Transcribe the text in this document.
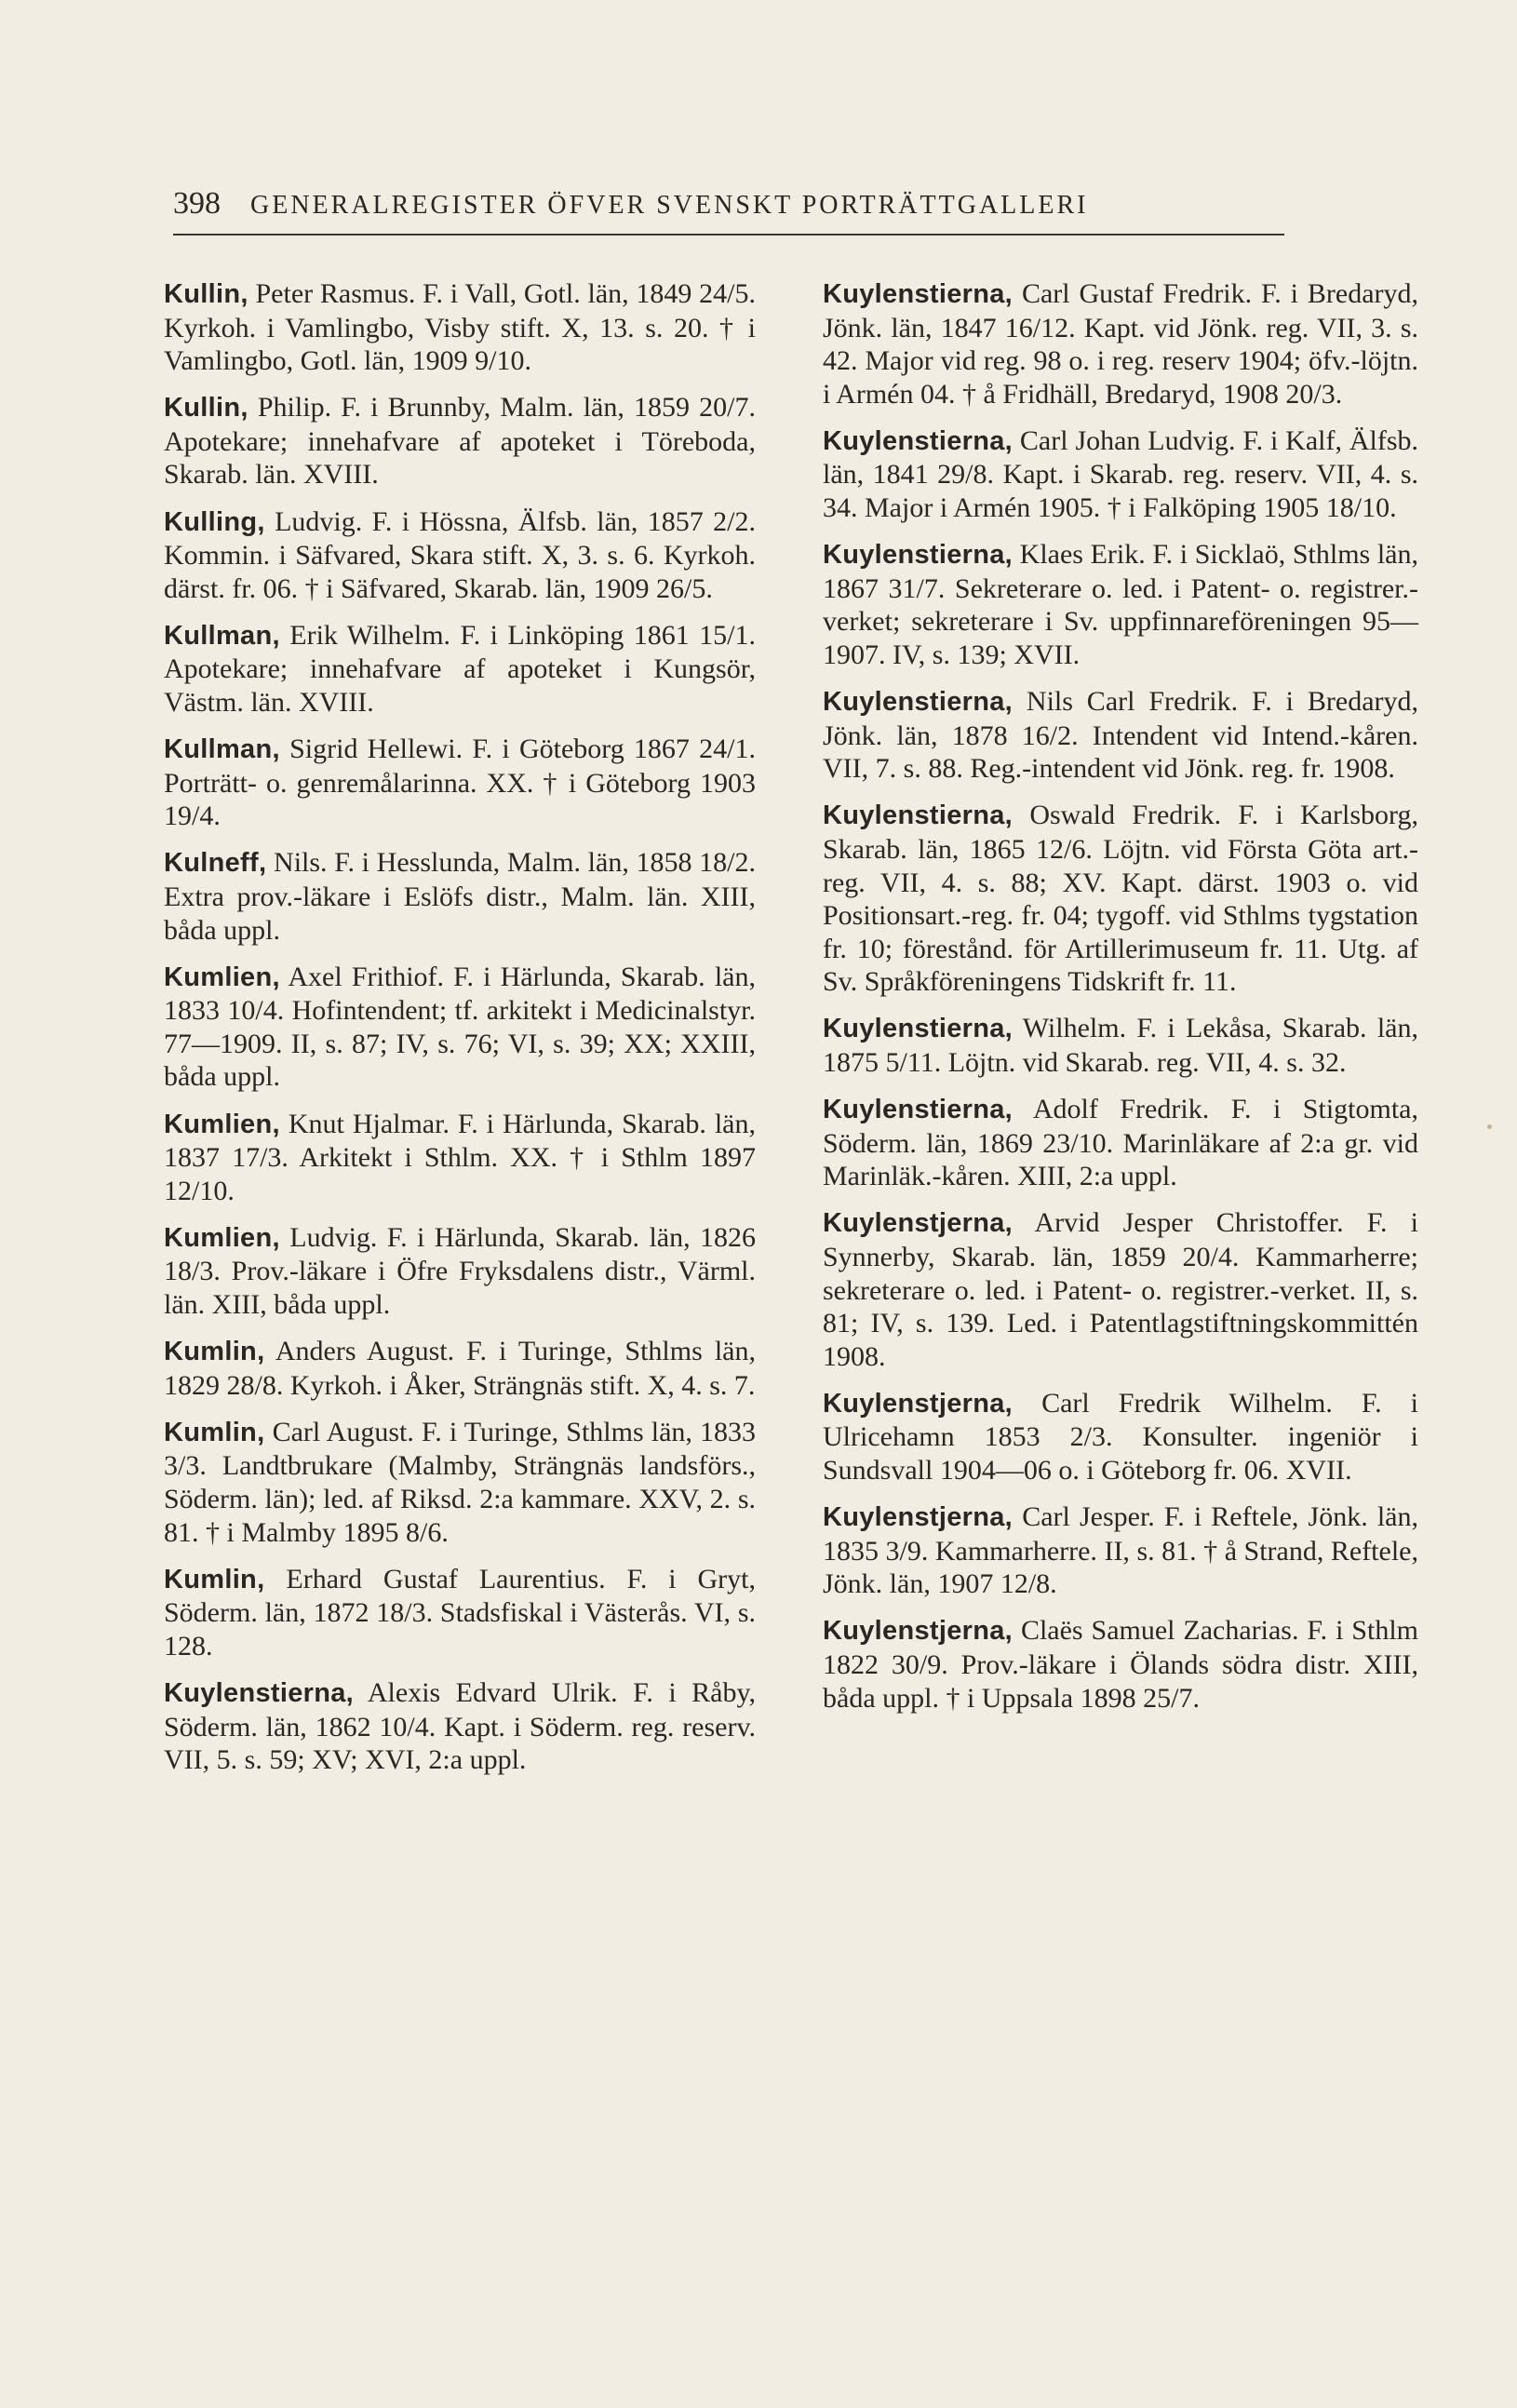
398 GENERALREGISTER ÖFVER SVENSKT PORTRÄTTGALLERI

Kullin, Peter Rasmus. F. i Vall, Gotl. län, 1849 24/5. Kyrkoh. i Vamlingbo, Visby stift. X, 13. s. 20. † i Vamlingbo, Gotl. län, 1909 9/10.

Kullin, Philip. F. i Brunnby, Malm. län, 1859 20/7. Apotekare; innehafvare af apoteket i Töreboda, Skarab. län. XVIII.

Kulling, Ludvig. F. i Hössna, Älfsb. län, 1857 2/2. Kommin. i Säfvared, Skara stift. X, 3. s. 6. Kyrkoh. därst. fr. 06. † i Säfvared, Skarab. län, 1909 26/5.

Kullman, Erik Wilhelm. F. i Linköping 1861 15/1. Apotekare; innehafvare af apoteket i Kungsör, Västm. län. XVIII.

Kullman, Sigrid Hellewi. F. i Göteborg 1867 24/1. Porträtt- o. genremålarinna. XX. † i Göteborg 1903 19/4.

Kulneff, Nils. F. i Hesslunda, Malm. län, 1858 18/2. Extra prov.-läkare i Eslöfs distr., Malm. län. XIII, båda uppl.

Kumlien, Axel Frithiof. F. i Härlunda, Skarab. län, 1833 10/4. Hofintendent; tf. arkitekt i Medicinalstyr. 77—1909. II, s. 87; IV, s. 76; VI, s. 39; XX; XXIII, båda uppl.

Kumlien, Knut Hjalmar. F. i Härlunda, Skarab. län, 1837 17/3. Arkitekt i Sthlm. XX. † i Sthlm 1897 12/10.

Kumlien, Ludvig. F. i Härlunda, Skarab. län, 1826 18/3. Prov.-läkare i Öfre Fryksdalens distr., Värml. län. XIII, båda uppl.

Kumlin, Anders August. F. i Turinge, Sthlms län, 1829 28/8. Kyrkoh. i Åker, Strängnäs stift. X, 4. s. 7.

Kumlin, Carl August. F. i Turinge, Sthlms län, 1833 3/3. Landtbrukare (Malmby, Strängnäs landsförs., Söderm. län); led. af Riksd. 2:a kammare. XXV, 2. s. 81. † i Malmby 1895 8/6.

Kumlin, Erhard Gustaf Laurentius. F. i Gryt, Söderm. län, 1872 18/3. Stadsfiskal i Västerås. VI, s. 128.

Kuylenstierna, Alexis Edvard Ulrik. F. i Råby, Söderm. län, 1862 10/4. Kapt. i Söderm. reg. reserv. VII, 5. s. 59; XV; XVI, 2:a uppl.

Kuylenstierna, Carl Gustaf Fredrik. F. i Bredaryd, Jönk. län, 1847 16/12. Kapt. vid Jönk. reg. VII, 3. s. 42. Major vid reg. 98 o. i reg. reserv 1904; öfv.-löjtn. i Armén 04. † å Fridhäll, Bredaryd, 1908 20/3.

Kuylenstierna, Carl Johan Ludvig. F. i Kalf, Älfsb. län, 1841 29/8. Kapt. i Skarab. reg. reserv. VII, 4. s. 34. Major i Armén 1905. † i Falköping 1905 18/10.

Kuylenstierna, Klaes Erik. F. i Sicklaö, Sthlms län, 1867 31/7. Sekreterare o. led. i Patent- o. registrer.-verket; sekreterare i Sv. uppfinnareföreningen 95—1907. IV, s. 139; XVII.

Kuylenstierna, Nils Carl Fredrik. F. i Bredaryd, Jönk. län, 1878 16/2. Intendent vid Intend.-kåren. VII, 7. s. 88. Reg.-intendent vid Jönk. reg. fr. 1908.

Kuylenstierna, Oswald Fredrik. F. i Karlsborg, Skarab. län, 1865 12/6. Löjtn. vid Första Göta art.-reg. VII, 4. s. 88; XV. Kapt. därst. 1903 o. vid Positionsart.-reg. fr. 04; tygoff. vid Sthlms tygstation fr. 10; förestånd. för Artillerimuseum fr. 11. Utg. af Sv. Språkföreningens Tidskrift fr. 11.

Kuylenstierna, Wilhelm. F. i Lekåsa, Skarab. län, 1875 5/11. Löjtn. vid Skarab. reg. VII, 4. s. 32.

Kuylenstierna, Adolf Fredrik. F. i Stigtomta, Söderm. län, 1869 23/10. Marinläkare af 2:a gr. vid Marinläk.-kåren. XIII, 2:a uppl.

Kuylenstjerna, Arvid Jesper Christoffer. F. i Synnerby, Skarab. län, 1859 20/4. Kammarherre; sekreterare o. led. i Patent- o. registrer.-verket. II, s. 81; IV, s. 139. Led. i Patentlagstiftningskommittén 1908.

Kuylenstjerna, Carl Fredrik Wilhelm. F. i Ulricehamn 1853 2/3. Konsulter. ingeniör i Sundsvall 1904—06 o. i Göteborg fr. 06. XVII.

Kuylenstjerna, Carl Jesper. F. i Reftele, Jönk. län, 1835 3/9. Kammarherre. II, s. 81. † å Strand, Reftele, Jönk. län, 1907 12/8.

Kuylenstjerna, Claës Samuel Zacharias. F. i Sthlm 1822 30/9. Prov.-läkare i Ölands södra distr. XIII, båda uppl. † i Uppsala 1898 25/7.
